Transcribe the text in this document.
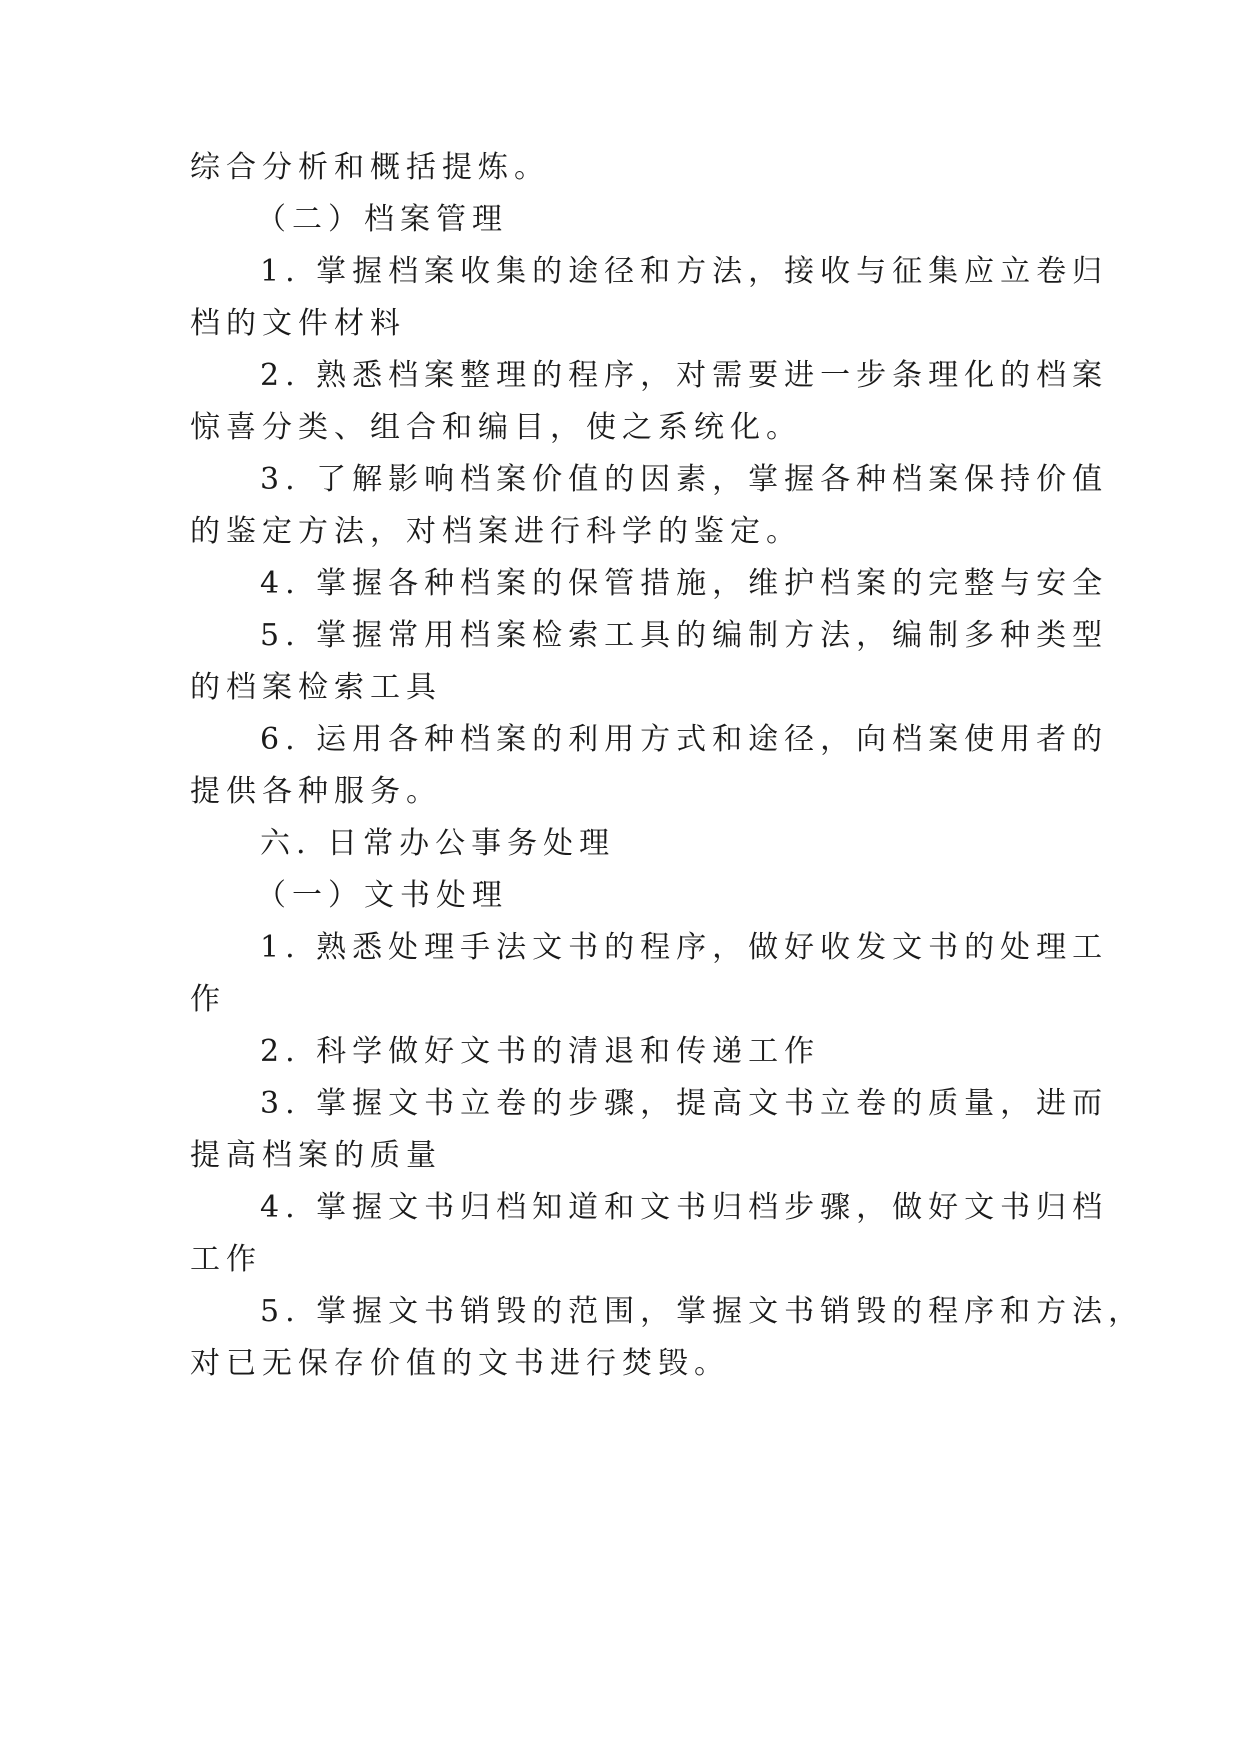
综合分析和概括提炼。
（二）档案管理
1. 掌握档案收集的途径和方法，接收与征集应立卷归
档的文件材料
2. 熟悉档案整理的程序，对需要进一步条理化的档案
惊喜分类、组合和编目，使之系统化。
3. 了解影响档案价值的因素，掌握各种档案保持价值
的鉴定方法，对档案进行科学的鉴定。
4. 掌握各种档案的保管措施，维护档案的完整与安全
5. 掌握常用档案检索工具的编制方法，编制多种类型
的档案检索工具
6. 运用各种档案的利用方式和途径，向档案使用者的
提供各种服务。
六. 日常办公事务处理
（一）文书处理
1. 熟悉处理手法文书的程序，做好收发文书的处理工
作
2. 科学做好文书的清退和传递工作
3. 掌握文书立卷的步骤，提高文书立卷的质量，进而
提高档案的质量
4. 掌握文书归档知道和文书归档步骤，做好文书归档
工作
5. 掌握文书销毁的范围，掌握文书销毁的程序和方法，
对已无保存价值的文书进行焚毁。
